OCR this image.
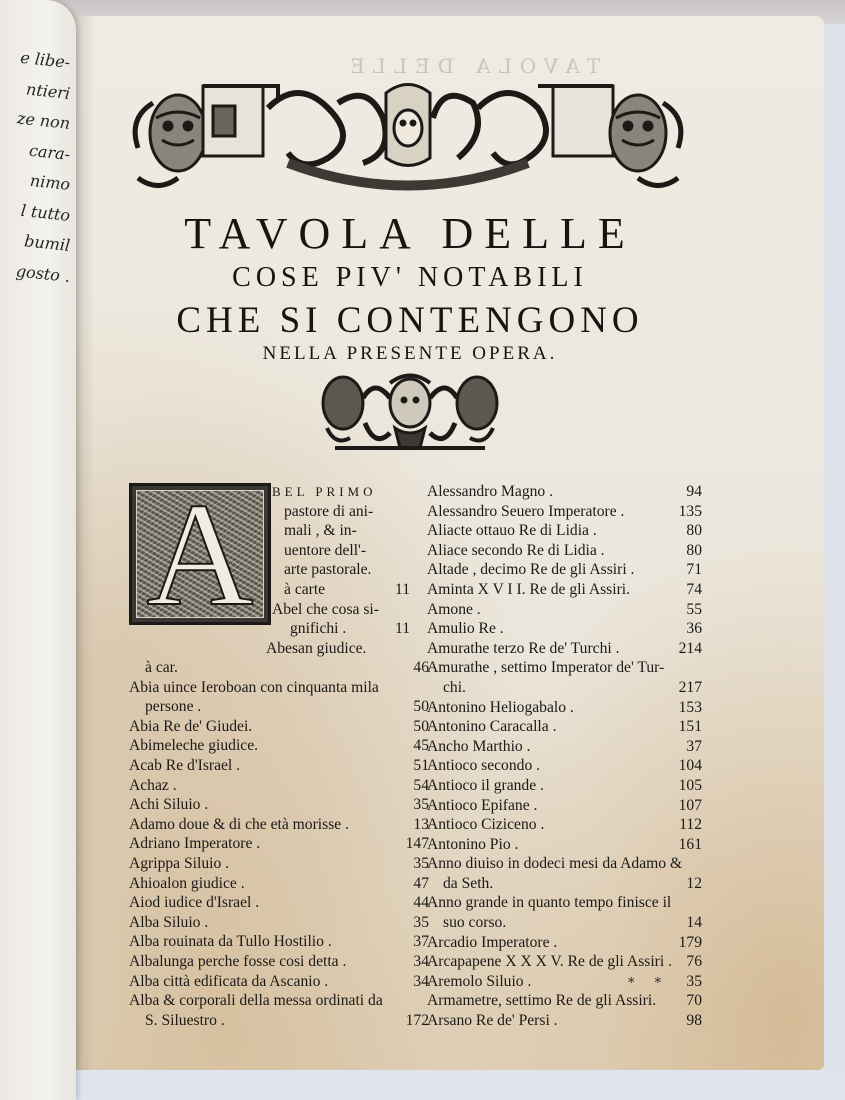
e libe-
ntieri
ze non
cara-
nimo
l tutto
bumil
gosto .
TAVOLA DELLE
TAVOLA DELLE
COSE PIV' NOTABILI
CHE SI CONTENGONO
NELLA PRESENTE OPERA.
A	BEL PRIMO
pastore di ani-
mali , & in-
uentore dell'-
arte pastorale.
à carte	11
Abel che cosa si-
gnifichi .	11
Abesan giudice.
à car.	46
Abia uince Ieroboan con cinquanta mila
persone .	50
Abia Re de' Giudei.	50
Abimeleche giudice.	45
Acab Re d'Israel .	51
Achaz .	54
Achi Siluio .	35
Adamo doue & di che età morisse .	13
Adriano Imperatore .	147
Agrippa Siluio .	35
Ahioalon giudice .	47
Aiod iudice d'Israel .	44
Alba Siluio .	35
Alba rouinata da Tullo Hostilio .	37
Albalunga perche fosse cosi detta .	34
Alba città edificata da Ascanio .	34
Alba & corporali della messa ordinati da
S. Siluestro .	172
Alessandro Magno .	94
Alessandro Seuero Imperatore .	135
Aliacte ottauo Re di Lidia .	80
Aliace secondo Re di Lidia .	80
Altade , decimo Re de gli Assiri .	71
Aminta X V I I. Re de gli Assiri.	74
Amone .	55
Amulio Re .	36
Amurathe terzo Re de' Turchi .	214
Amurathe , settimo Imperator de' Tur-
chi.	217
Antonino Heliogabalo .	153
Antonino Caracalla .	151
Ancho Marthio .	37
Antioco secondo .	104
Antioco il grande .	105
Antioco Epifane .	107
Antioco Ciziceno .	112
Antonino Pio .	161
Anno diuiso in dodeci mesi da Adamo &
da Seth.	12
Anno grande in quanto tempo finisce il
suo corso.	14
Arcadio Imperatore .	179
Arcapapene X X X V. Re de gli Assiri . 76
Aremolo Siluio .	35
Armametre, settimo Re de gli Assiri. 70
Arsano Re de' Persi .	98
* *
